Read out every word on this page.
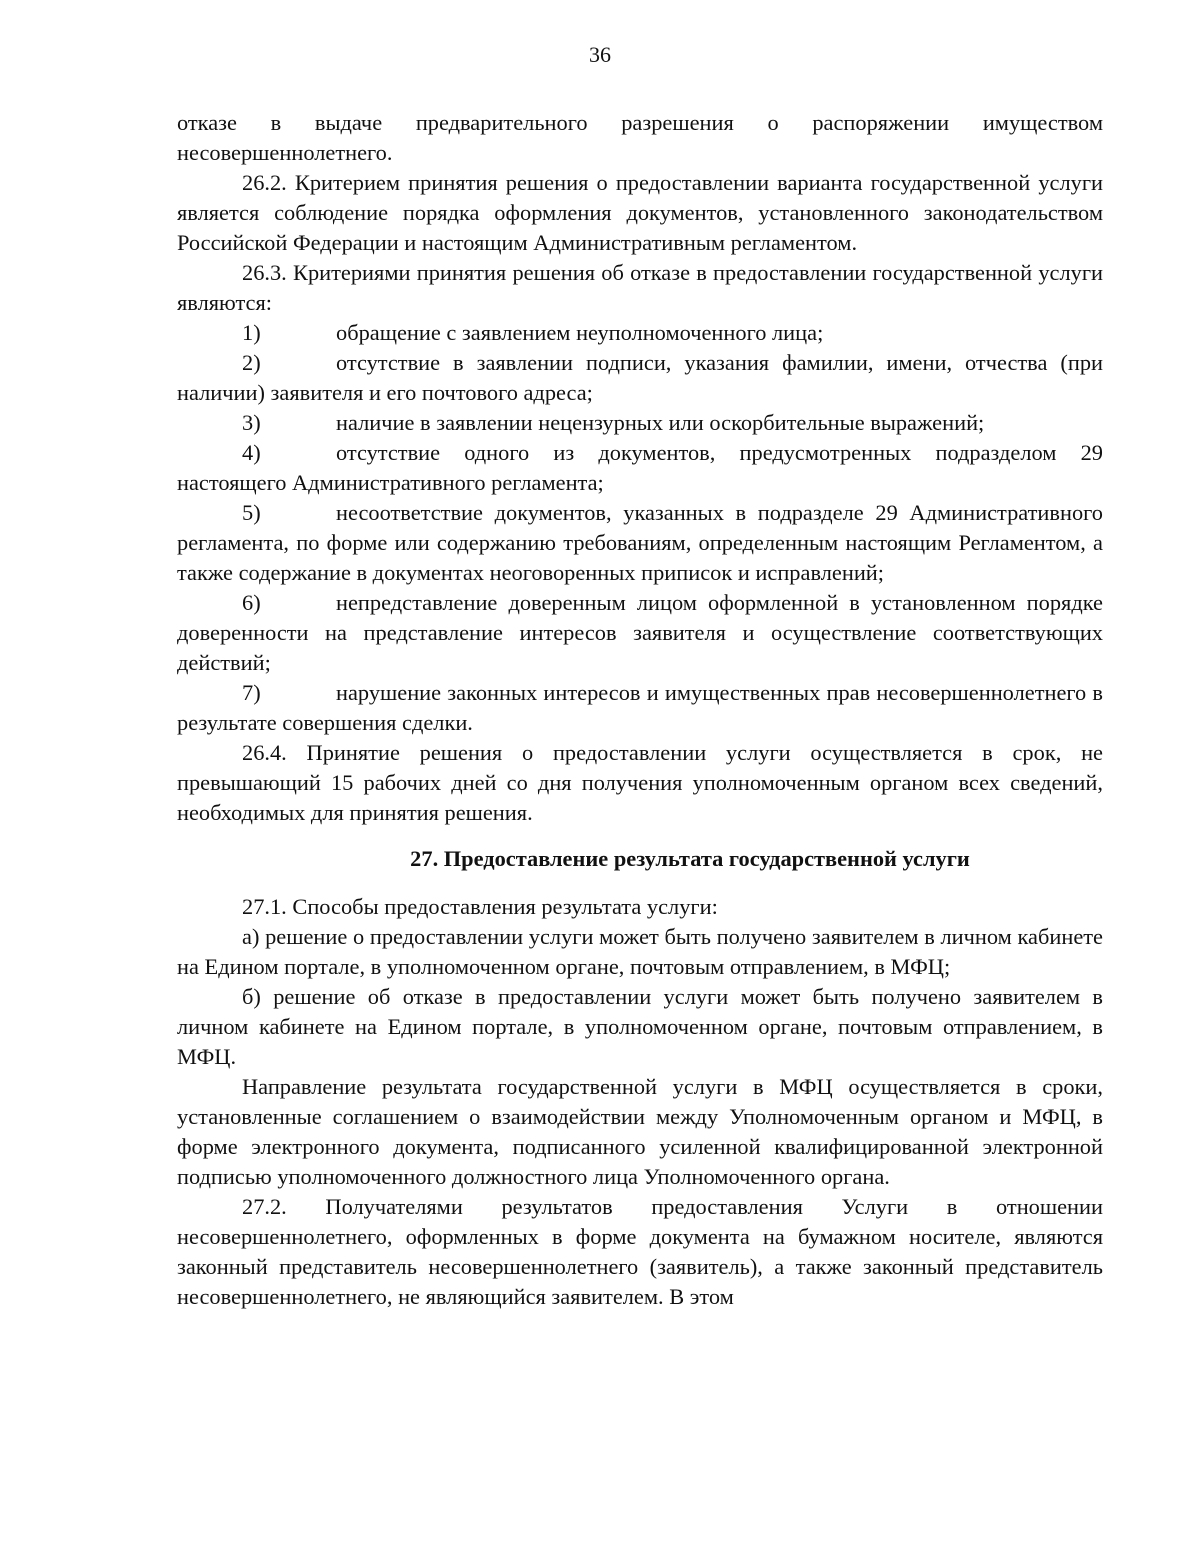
36

отказе в выдаче предварительного разрешения о распоряжении имуществом несовершеннолетнего.

26.2. Критерием принятия решения о предоставлении варианта государственной услуги является соблюдение порядка оформления документов, установленного законодательством Российской Федерации и настоящим Административным регламентом.

26.3. Критериями принятия решения об отказе в предоставлении государственной услуги являются:

1)	обращение с заявлением неуполномоченного лица;

2)	отсутствие в заявлении подписи, указания фамилии, имени, отчества (при наличии) заявителя и его почтового адреса;

3)	наличие в заявлении нецензурных или оскорбительные выражений;

4)	отсутствие одного из документов, предусмотренных подразделом 29 настоящего Административного регламента;

5)	несоответствие документов, указанных в подразделе 29 Административного регламента, по форме или содержанию требованиям, определенным настоящим Регламентом, а также содержание в документах неоговоренных приписок и исправлений;

6)	непредставление доверенным лицом оформленной в установленном порядке доверенности на представление интересов заявителя и осуществление соответствующих действий;

7)	нарушение законных интересов и имущественных прав несовершеннолетнего в результате совершения сделки.

26.4. Принятие решения о предоставлении услуги осуществляется в срок, не превышающий 15 рабочих дней со дня получения уполномоченным органом всех сведений, необходимых для принятия решения.

27. Предоставление результата государственной услуги

27.1. Способы предоставления результата услуги:

а) решение о предоставлении услуги может быть получено заявителем в личном кабинете на Едином портале, в уполномоченном органе, почтовым отправлением, в МФЦ;

б) решение об отказе в предоставлении услуги может быть получено заявителем в личном кабинете на Едином портале, в уполномоченном органе, почтовым отправлением, в МФЦ.

Направление результата государственной услуги в МФЦ осуществляется в сроки, установленные соглашением о взаимодействии между Уполномоченным органом и МФЦ, в форме электронного документа, подписанного усиленной квалифицированной электронной подписью уполномоченного должностного лица Уполномоченного органа.

27.2. Получателями результатов предоставления Услуги в отношении несовершеннолетнего, оформленных в форме документа на бумажном носителе, являются законный представитель несовершеннолетнего (заявитель), а также законный представитель несовершеннолетнего, не являющийся заявителем. В этом
